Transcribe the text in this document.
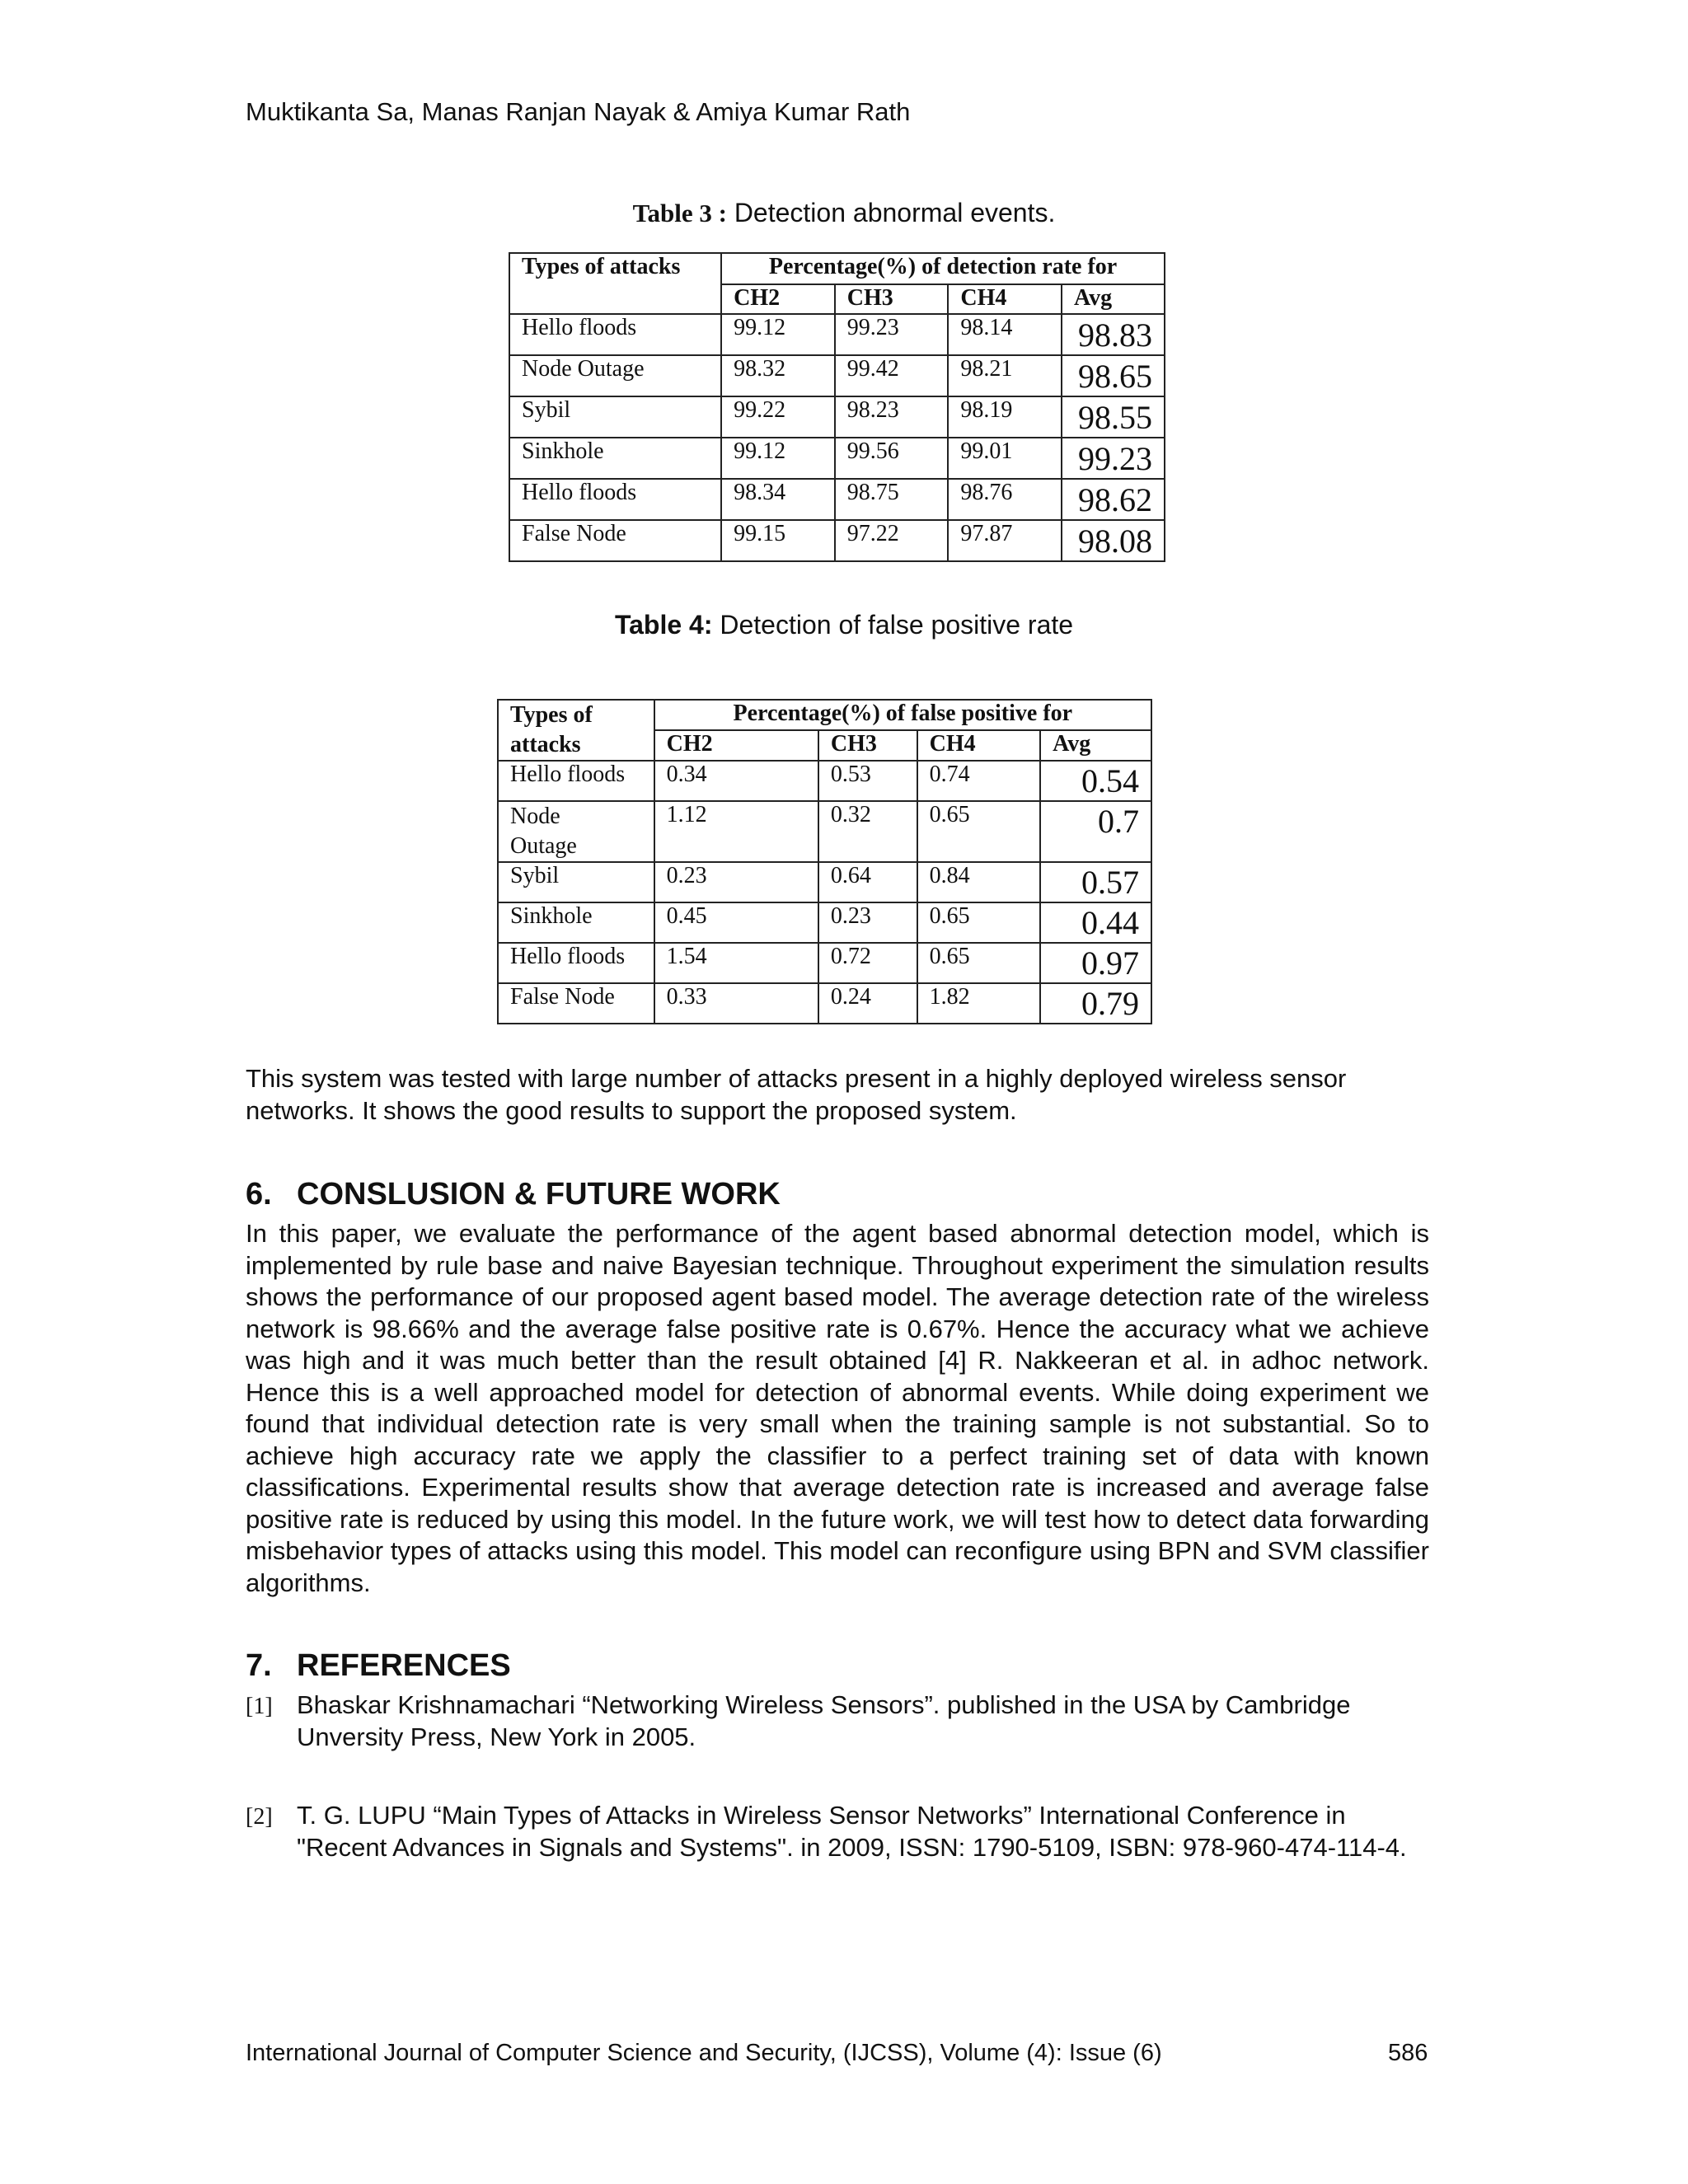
Muktikanta Sa, Manas Ranjan Nayak & Amiya Kumar Rath
Table 3 : Detection abnormal events.
Types of attacks	Percentage(%) of detection rate for			
	CH2	CH3	CH4	Avg
Hello floods	99.12	99.23	98.14	98.83
Node Outage	98.32	99.42	98.21	98.65
Sybil	99.22	98.23	98.19	98.55
Sinkhole	99.12	99.56	99.01	99.23
Hello floods	98.34	98.75	98.76	98.62
False Node	99.15	97.22	97.87	98.08
Table 4: Detection of false positive rate
Types of
attacks	Percentage(%) of false positive for			
	CH2	CH3	CH4	Avg
Hello floods	0.34	0.53	0.74	0.54
Node Outage	1.12	0.32	0.65	0.7
Sybil	0.23	0.64	0.84	0.57
Sinkhole	0.45	0.23	0.65	0.44
Hello floods	1.54	0.72	0.65	0.97
False Node	0.33	0.24	1.82	0.79
This system was tested with large number of attacks present in a highly deployed wireless sensor networks. It shows the good results to support the proposed system.
6. CONSLUSION & FUTURE WORK
In this paper, we evaluate the performance of the agent based abnormal detection model, which is implemented by rule base and naive Bayesian technique. Throughout experiment the simulation results shows the performance of our proposed agent based model. The average detection rate of the wireless network is 98.66% and the average false positive rate is 0.67%. Hence the accuracy what we achieve was high and it was much better than the result obtained [4] R. Nakkeeran et al. in adhoc network. Hence this is a well approached model for detection of abnormal events. While doing experiment we found that individual detection rate is very small when the training sample is not substantial. So to achieve high accuracy rate we apply the classifier to a perfect training set of data with known classifications. Experimental results show that average detection rate is increased and average false positive rate is reduced by using this model. In the future work, we will test how to detect data forwarding misbehavior types of attacks using this model. This model can reconfigure using BPN and SVM classifier algorithms.
7. REFERENCES
[1] Bhaskar Krishnamachari “Networking Wireless Sensors”. published in the USA by Cambridge Unversity Press, New York in 2005.
[2] T. G. LUPU “Main Types of Attacks in Wireless Sensor Networks” International Conference in "Recent Advances in Signals and Systems". in 2009, ISSN: 1790-5109, ISBN: 978-960-474-114-4.
International Journal of Computer Science and Security, (IJCSS), Volume (4): Issue (6)	586
